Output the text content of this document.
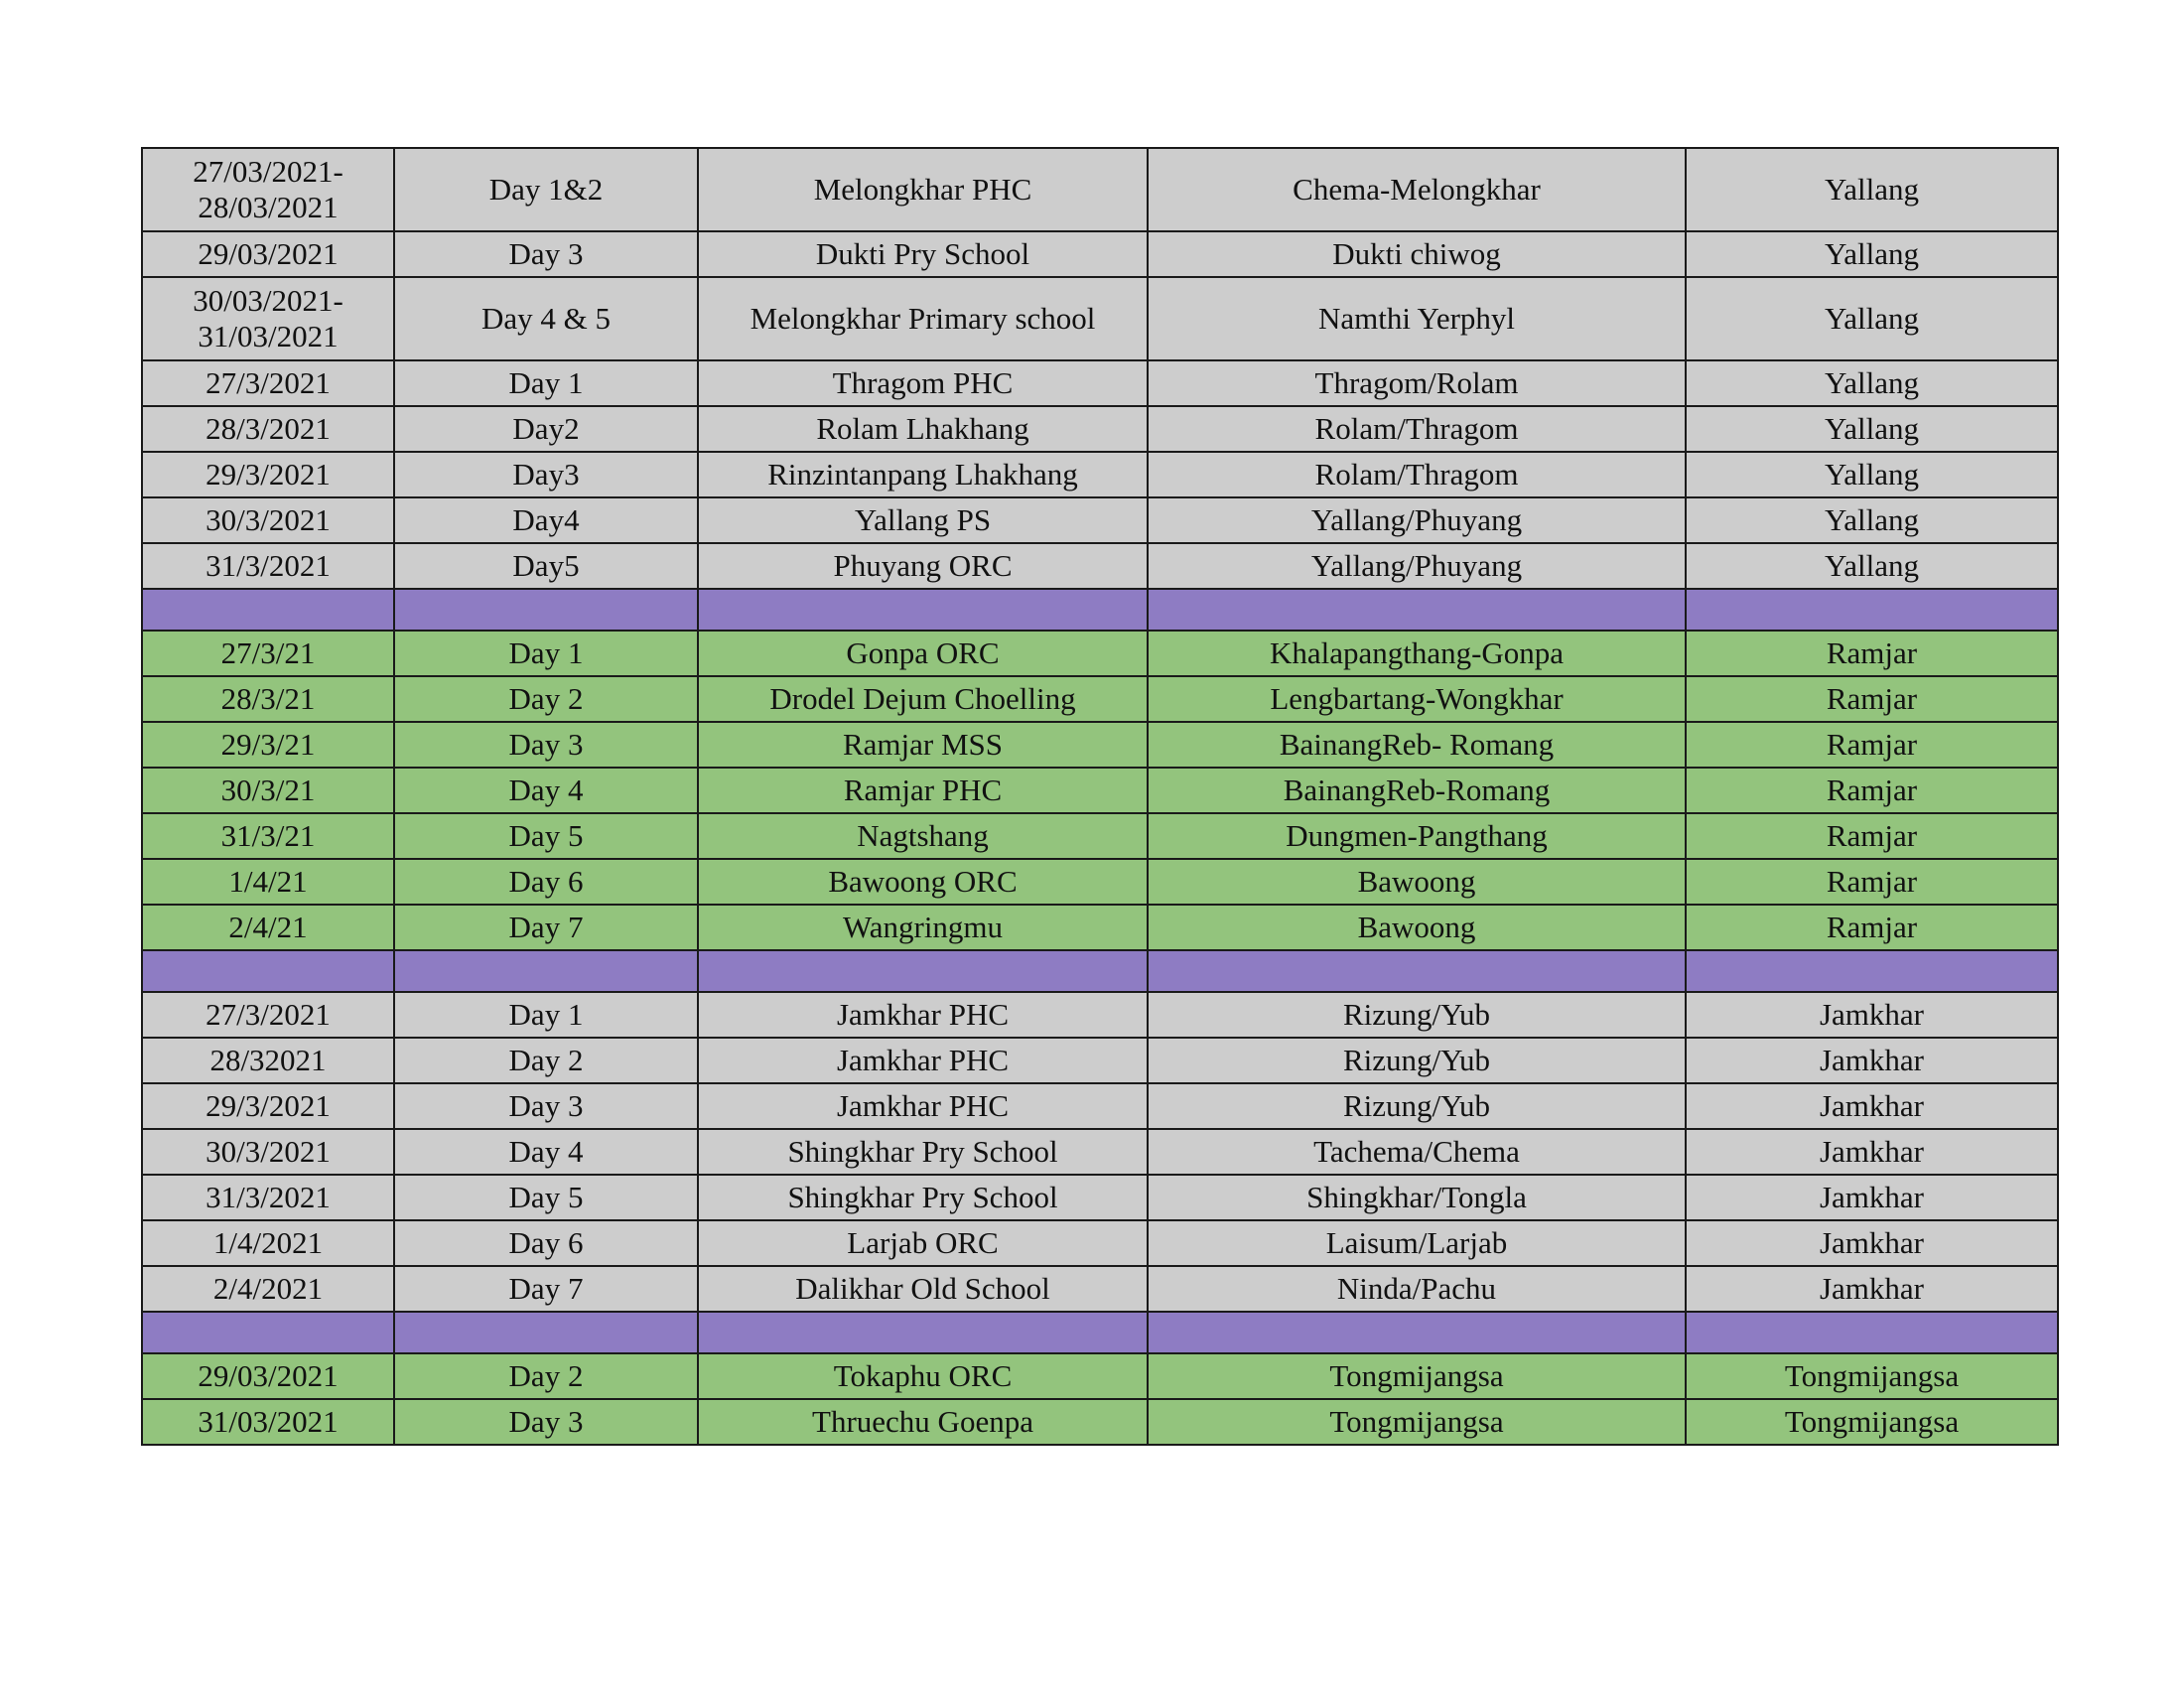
27/03/2021-28/03/2021	Day 1&2	Melongkhar PHC	Chema-Melongkhar	Yallang
29/03/2021	Day 3	Dukti Pry School	Dukti chiwog	Yallang
30/03/2021-31/03/2021	Day 4 & 5	Melongkhar Primary school	Namthi Yerphyl	Yallang
27/3/2021	Day 1	Thragom PHC	Thragom/Rolam	Yallang
28/3/2021	Day2	Rolam Lhakhang	Rolam/Thragom	Yallang
29/3/2021	Day3	Rinzintanpang Lhakhang	Rolam/Thragom	Yallang
30/3/2021	Day4	Yallang PS	Yallang/Phuyang	Yallang
31/3/2021	Day5	Phuyang ORC	Yallang/Phuyang	Yallang

27/3/21	Day 1	Gonpa ORC	Khalapangthang-Gonpa	Ramjar
28/3/21	Day 2	Drodel Dejum Choelling	Lengbartang-Wongkhar	Ramjar
29/3/21	Day 3	Ramjar MSS	BainangReb- Romang	Ramjar
30/3/21	Day 4	Ramjar PHC	BainangReb-Romang	Ramjar
31/3/21	Day 5	Nagtshang	Dungmen-Pangthang	Ramjar
1/4/21	Day 6	Bawoong ORC	Bawoong	Ramjar
2/4/21	Day 7	Wangringmu	Bawoong	Ramjar

27/3/2021	Day 1	Jamkhar PHC	Rizung/Yub	Jamkhar
28/32021	Day 2	Jamkhar PHC	Rizung/Yub	Jamkhar
29/3/2021	Day 3	Jamkhar PHC	Rizung/Yub	Jamkhar
30/3/2021	Day 4	Shingkhar Pry School	Tachema/Chema	Jamkhar
31/3/2021	Day 5	Shingkhar Pry School	Shingkhar/Tongla	Jamkhar
1/4/2021	Day 6	Larjab ORC	Laisum/Larjab	Jamkhar
2/4/2021	Day 7	Dalikhar Old School	Ninda/Pachu	Jamkhar

29/03/2021	Day 2	Tokaphu ORC	Tongmijangsa	Tongmijangsa
31/03/2021	Day 3	Thruechu Goenpa	Tongmijangsa	Tongmijangsa
